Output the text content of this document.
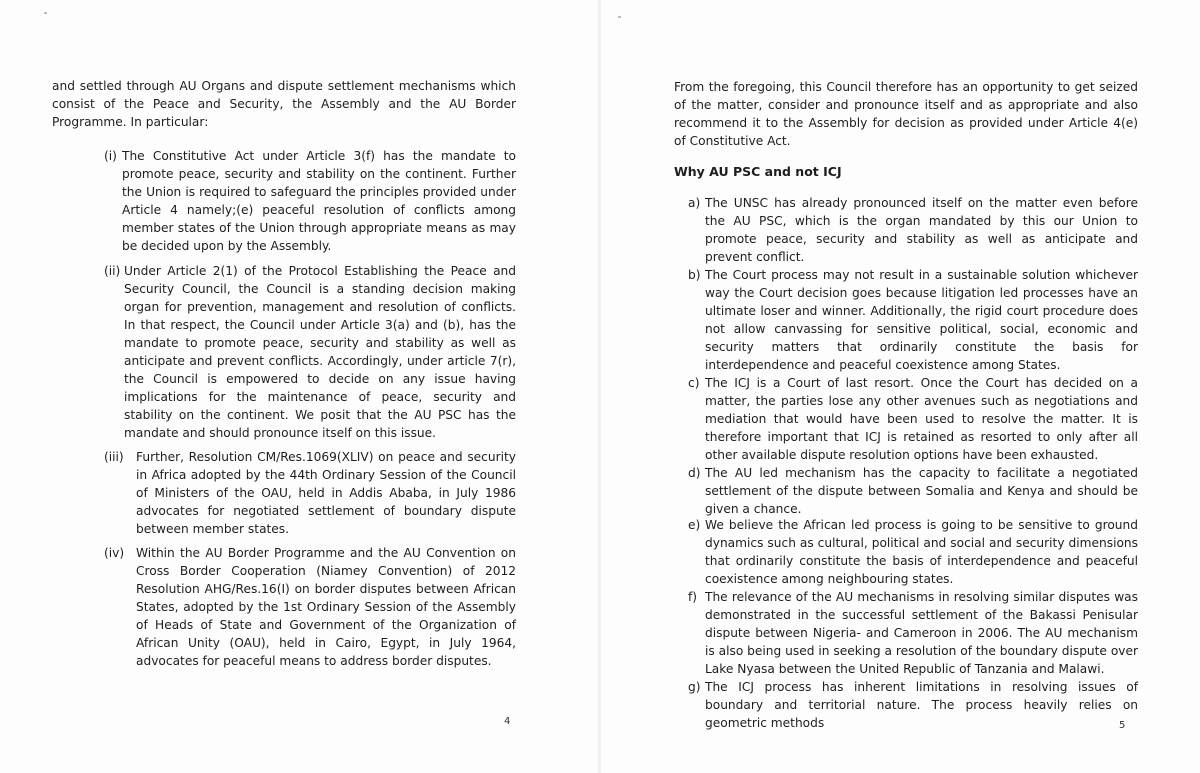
and settled through AU Organs and dispute settlement mechanisms which consist of the Peace and Security, the Assembly and the AU Border Programme. In particular:

(i) The Constitutive Act under Article 3(f) has the mandate to promote peace, security and stability on the continent. Further the Union is required to safeguard the principles provided under Article 4 namely;(e) peaceful resolution of conflicts among member states of the Union through appropriate means as may be decided upon by the Assembly.
(ii) Under Article 2(1) of the Protocol Establishing the Peace and Security Council, the Council is a standing decision making organ for prevention, management and resolution of conflicts. In that respect, the Council under Article 3(a) and (b), has the mandate to promote peace, security and stability as well as anticipate and prevent conflicts. Accordingly, under article 7(r), the Council is empowered to decide on any issue having implications for the maintenance of peace, security and stability on the continent. We posit that the AU PSC has the mandate and should pronounce itself on this issue.
(iii) Further, Resolution CM/Res.1069(XLIV) on peace and security in Africa adopted by the 44th Ordinary Session of the Council of Ministers of the OAU, held in Addis Ababa, in July 1986 advocates for negotiated settlement of boundary dispute between member states.
(iv) Within the AU Border Programme and the AU Convention on Cross Border Cooperation (Niamey Convention) of 2012 Resolution AHG/Res.16(I) on border disputes between African States, adopted by the 1st Ordinary Session of the Assembly of Heads of State and Government of the Organization of African Unity (OAU), held in Cairo, Egypt, in July 1964, advocates for peaceful means to address border disputes.
4

From the foregoing, this Council therefore has an opportunity to get seized of the matter, consider and pronounce itself and as appropriate and also recommend it to the Assembly for decision as provided under Article 4(e) of Constitutive Act.

Why AU PSC and not ICJ
a) The UNSC has already pronounced itself on the matter even before the AU PSC, which is the organ mandated by this our Union to promote peace, security and stability as well as anticipate and prevent conflict.
b) The Court process may not result in a sustainable solution whichever way the Court decision goes because litigation led processes have an ultimate loser and winner. Additionally, the rigid court procedure does not allow canvassing for sensitive political, social, economic and security matters that ordinarily constitute the basis for interdependence and peaceful coexistence among States.
c) The ICJ is a Court of last resort. Once the Court has decided on a matter, the parties lose any other avenues such as negotiations and mediation that would have been used to resolve the matter. It is therefore important that ICJ is retained as resorted to only after all other available dispute resolution options have been exhausted.
d) The AU led mechanism has the capacity to facilitate a negotiated settlement of the dispute between Somalia and Kenya and should be given a chance.
e) We believe the African led process is going to be sensitive to ground dynamics such as cultural, political and social and security dimensions that ordinarily constitute the basis of interdependence and peaceful coexistence among neighbouring states.
f) The relevance of the AU mechanisms in resolving similar disputes was demonstrated in the successful settlement of the Bakassi Penisular dispute between Nigeria- and Cameroon in 2006. The AU mechanism is also being used in seeking a resolution of the boundary dispute over Lake Nyasa between the United Republic of Tanzania and Malawi.
g) The ICJ process has inherent limitations in resolving issues of boundary and territorial nature. The process heavily relies on geometric methods	5
